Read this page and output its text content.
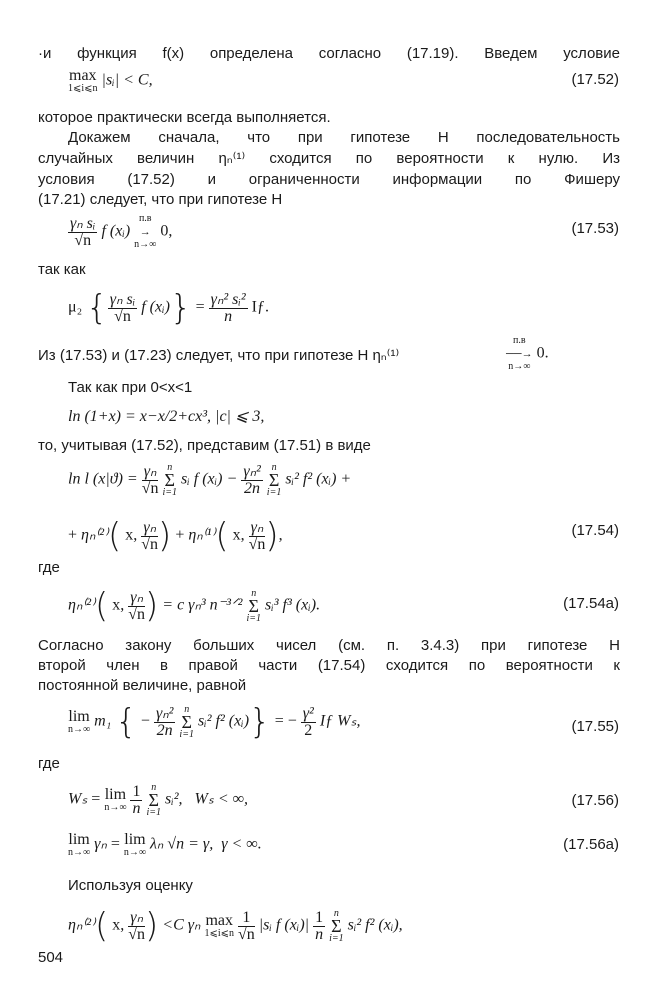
·и функция f(x) определена согласно (17.19). Введем условие
max
1⩽i⩽n |sᵢ| < C,	(17.52)
которое практически всегда выполняется.
Докажем сначала, что при гипотезе H последовательность
случайных величин ηₙ⁽¹⁾ сходится по вероятности к нулю. Из
условия (17.52) и ограниченности информации по Фишеру
(17.21) следует, что при гипотезе H
$\frac{\text{γₙ sᵢ}}{√n}$ f (xᵢ)
п.в
→
n→∞
0,	(17.53)
так как
μ₂ { $\frac{\text{γₙ sᵢ}}{√n}$ f (xᵢ)} = $\frac{\text{γₙ² sᵢ²}}{n}$ Iƒ.
Из (17.53) и (17.23) следует, что при гипотезе H ηₙ⁽¹⁾
п.в
──→
n→∞
0.
Так как при 0<x<1
ln (1+x) = x−x/2+cx³, |c| ⩽ 3,
то, учитывая (17.52), представим (17.51) в виде
ln l $(x|ϑ) = \frac{\text{γₙ}}{√n}$
n
Σ
i=1
sᵢ f (xᵢ) − $\frac{\text{γₙ²}}{2n}$
n
Σ
i=1
sᵢ² f² (xᵢ) +
+ ηₙ⁽²⁾( x, $\frac{\text{γₙ}}{√n}$ ) + ηₙ⁽¹⁾( x, $\frac{\text{γₙ}}{√n}$ ),	(17.54)
где
ηₙ⁽²⁾( x, $\frac{\text{γₙ}}{√n}$ ) = c γₙ³ n⁻³ᐟ²
n
Σ
i=1
sᵢ³ f³ (xᵢ).	(17.54a)
Согласно закону больших чисел (см. п. 3.4.3) при гипотезе H
второй член в правой части (17.54) сходится по вероятности к
постоянной величине, равной
lim
n→∞ m₁ { − $\frac{\text{γₙ²}}{2n}$
n
Σ
i=1
sᵢ² f² (xᵢ)} = − $\frac{\text{γ²}}{2}$ Iƒ Wₛ,	(17.55)
где
Wₛ = lim
n→∞
$\frac{1}{n}$
n
Σ
i=1
sᵢ²,   Wₛ < ∞,	(17.56)
lim
n→∞ γₙ = lim
n→∞ λₙ √n = γ,  γ < ∞.	(17.56a)
Используя оценку
ηₙ⁽²⁾( x, $\frac{\text{γₙ}}{√n}$ ) <C γₙ max
1⩽i⩽n
$\frac{1}{√n}$ |sᵢ f (xᵢ)| $\frac{1}{n}$
n
Σ
i=1
sᵢ² f² (xᵢ),
504
